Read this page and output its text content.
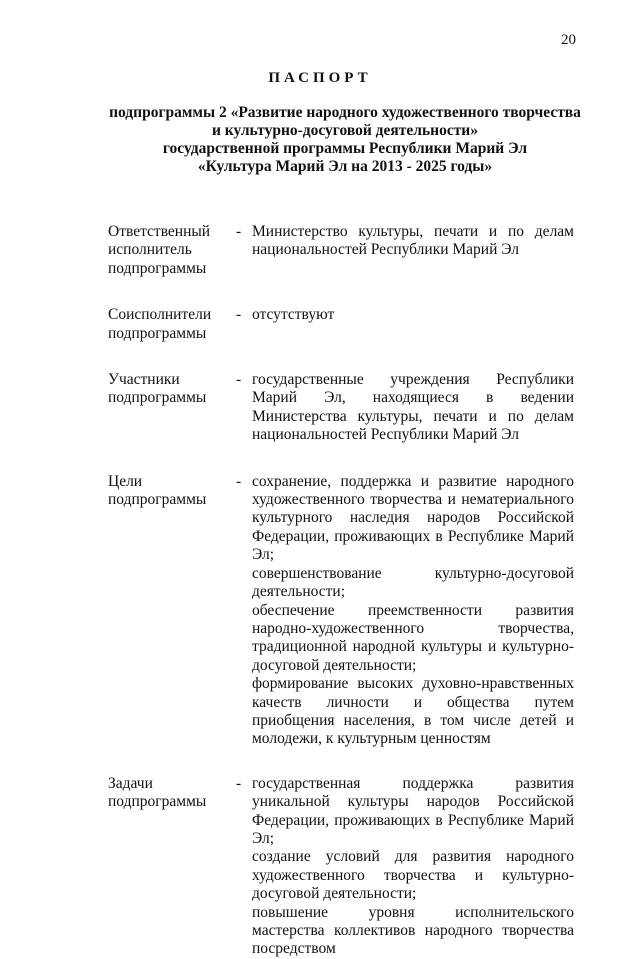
20
ПАСПОРТ
подпрограммы 2 «Развитие народного художественного творчества
и культурно-досуговой деятельности»
государственной программы Республики Марий Эл
«Культура Марий Эл на 2013 - 2025 годы»
Ответственный исполнитель подпрограммы
- Министерство культуры, печати и по делам национальностей Республики Марий Эл

Соисполнители подпрограммы
- отсутствуют

Участники подпрограммы
- государственные учреждения Республики Марий Эл, находящиеся в ведении Министерства культуры, печати и по делам национальностей Республики Марий Эл

Цели подпрограммы
- сохранение, поддержка и развитие народного художественного творчества и нематериального культурного наследия народов Российской Федерации, проживающих в Республике Марий Эл;

совершенствование культурно-досуговой деятельности;

обеспечение преемственности развития народно-художественного творчества, традиционной народной культуры и культурно-досуговой деятельности;

формирование высоких духовно-нравственных качеств личности и общества путем приобщения населения, в том числе детей и молодежи, к культурным ценностям

Задачи подпрограммы
- государственная поддержка развития уникальной культуры народов Российской Федерации, проживающих в Республике Марий Эл;

создание условий для развития народного художественного творчества и культурно-досуговой деятельности;

повышение уровня исполнительского мастерства коллективов народного творчества посредством
